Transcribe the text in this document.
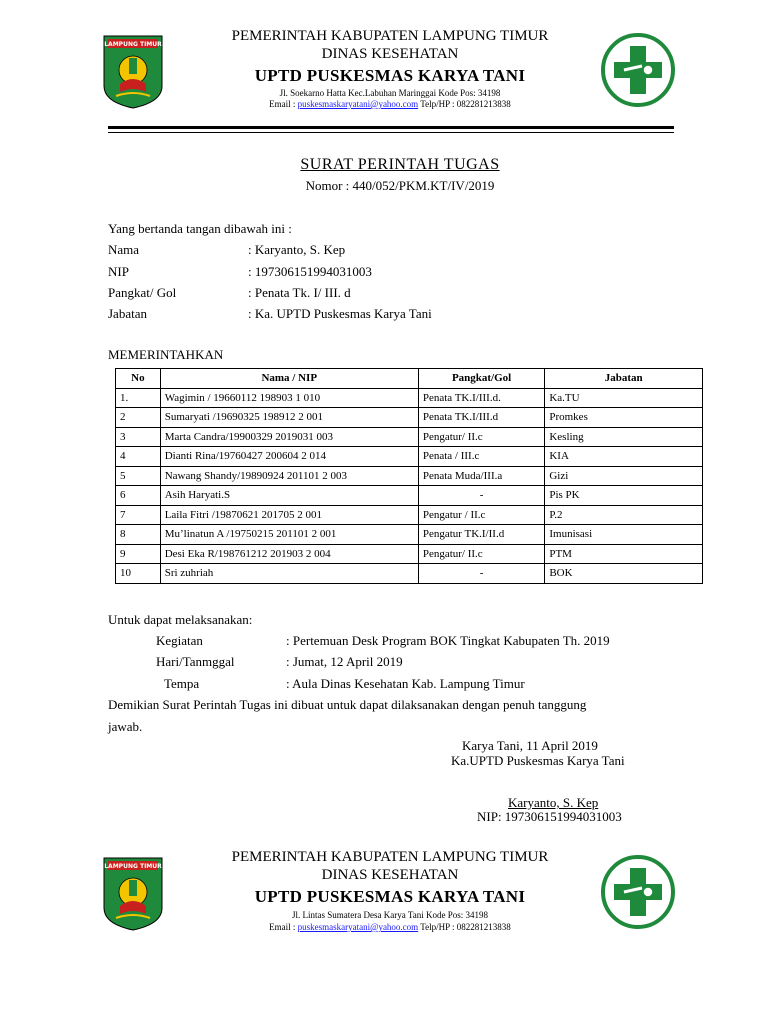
LAMPUNG TIMUR
PEMERINTAH KABUPATEN LAMPUNG TIMUR
DINAS KESEHATAN
UPTD PUSKESMAS KARYA TANI
Jl. Soekarno Hatta Kec.Labuhan Maringgai Kode Pos: 34198
Email : puskesmaskaryatani@yahoo.com Telp/HP : 082281213838
SURAT PERINTAH TUGAS
Nomor : 440/052/PKM.KT/IV/2019
Yang bertanda tangan dibawah ini :
Nama	: Karyanto, S. Kep
NIP	: 197306151994031003
Pangkat/ Gol	: Penata Tk. I/ III. d
Jabatan	: Ka. UPTD Puskesmas Karya Tani
MEMERINTAHKAN
No	Nama / NIP	Pangkat/Gol	Jabatan
1.	Wagimin / 19660112 198903 1 010	Penata TK.I/III.d.	Ka.TU
2	Sumaryati /19690325 198912 2 001	Penata TK.I/III.d	Promkes
3	Marta Candra/19900329 2019031 003	Pengatur/ II.c	Kesling
4	Dianti Rina/19760427 200604 2 014	Penata / III.c	KIA
5	Nawang Shandy/19890924 201101 2 003	Penata Muda/III.a	Gizi
6	Asih Haryati.S	-	Pis PK
7	Laila Fitri /19870621 201705 2 001	Pengatur / II.c	P.2
8	Mu’linatun A /19750215 201101 2 001	Pengatur TK.I/II.d	Imunisasi
9	Desi Eka R/198761212 201903 2 004	Pengatur/ II.c	PTM
10	Sri zuhriah	-	BOK
Untuk dapat melaksanakan:
Kegiatan	: Pertemuan Desk Program BOK Tingkat Kabupaten Th. 2019
Hari/Tanmggal	: Jumat, 12 April 2019
Tempa	: Aula Dinas Kesehatan Kab. Lampung Timur
Demikian Surat Perintah Tugas ini dibuat untuk dapat dilaksanakan dengan penuh tanggung
jawab.
Karya Tani, 11 April 2019
Ka.UPTD Puskesmas Karya Tani
Karyanto, S. Kep
NIP: 197306151994031003
LAMPUNG TIMUR
PEMERINTAH KABUPATEN LAMPUNG TIMUR
DINAS KESEHATAN
UPTD PUSKESMAS KARYA TANI
Jl. Lintas Sumatera Desa Karya Tani Kode Pos: 34198
Email : puskesmaskaryatani@yahoo.com Telp/HP : 082281213838
